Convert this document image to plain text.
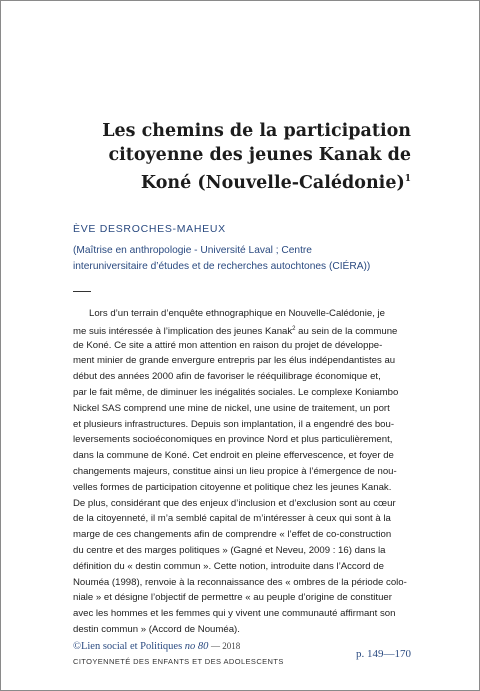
Les chemins de la participation
citoyenne des jeunes Kanak de
Koné (Nouvelle-Calédonie)$^1$
ÈVE DESROCHES-MAHEUX
(Maîtrise en anthropologie - Université Laval ; Centre
interuniversitaire d’études et de recherches autochtones (CIÉRA))
Lors d’un terrain d’enquête ethnographique en Nouvelle-Calédonie, je
me suis intéressée à l’implication des jeunes Kanak$^2$ au sein de la commune
de Koné. Ce site a attiré mon attention en raison du projet de développe-
ment minier de grande envergure entrepris par les élus indépendantistes au
début des années 2000 afin de favoriser le rééquilibrage économique et,
par le fait même, de diminuer les inégalités sociales. Le complexe Koniambo
Nickel SAS comprend une mine de nickel, une usine de traitement, un port
et plusieurs infrastructures. Depuis son implantation, il a engendré des bou-
leversements socioéconomiques en province Nord et plus particulièrement,
dans la commune de Koné. Cet endroit en pleine effervescence, et foyer de
changements majeurs, constitue ainsi un lieu propice à l’émergence de nou-
velles formes de participation citoyenne et politique chez les jeunes Kanak.
De plus, considérant que des enjeux d’inclusion et d’exclusion sont au cœur
de la citoyenneté, il m’a semblé capital de m’intéresser à ceux qui sont à la
marge de ces changements afin de comprendre « l’effet de co-construction
du centre et des marges politiques » (Gagné et Neveu, 2009 : 16) dans la
définition du « destin commun ». Cette notion, introduite dans l’Accord de
Nouméa (1998), renvoie à la reconnaissance des « ombres de la période colo-
niale » et désigne l’objectif de permettre « au peuple d’origine de constituer
avec les hommes et les femmes qui y vivent une communauté affirmant son
destin commun » (Accord de Nouméa).
©Lien social et Politiques no 80 — 2018
CITOYENNETÉ DES ENFANTS ET DES ADOLESCENTS
p. 149—170
